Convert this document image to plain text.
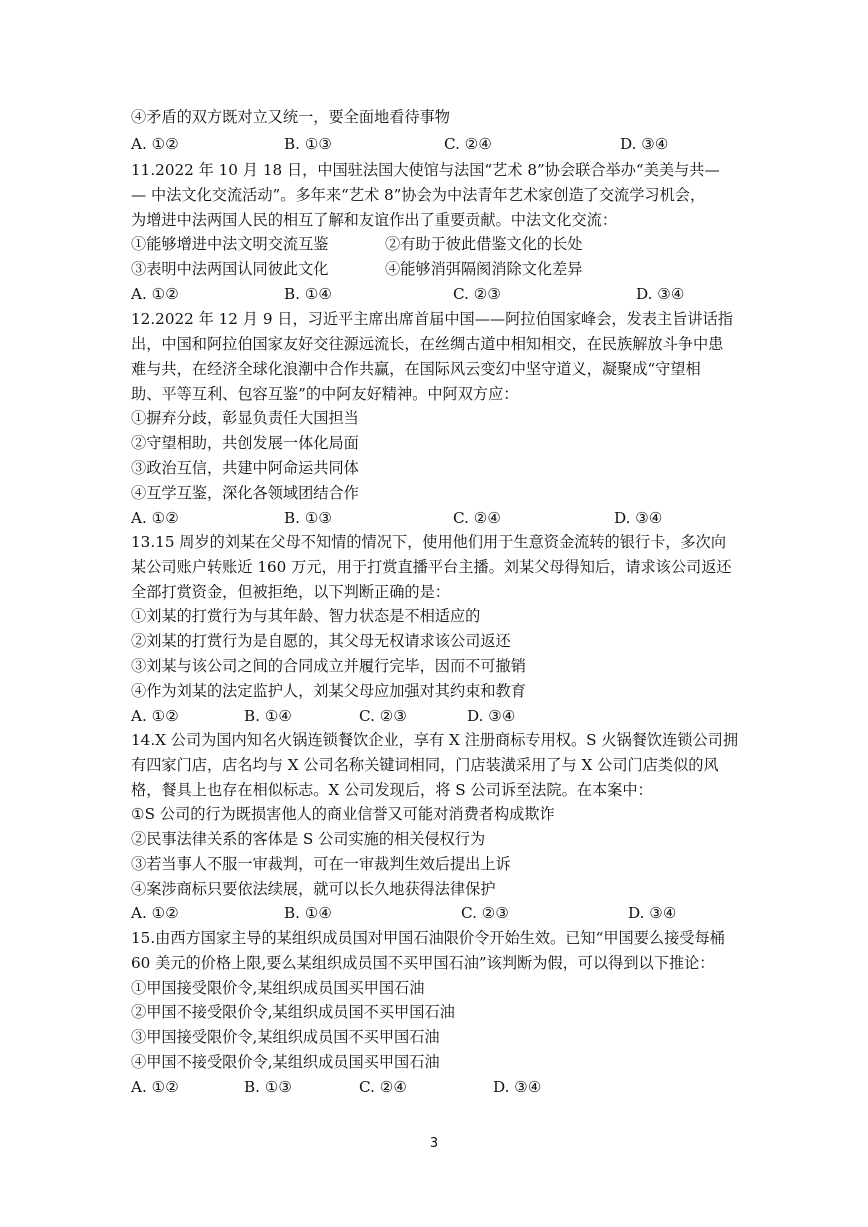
④矛盾的双方既对立又统一，要全面地看待事物
A. ①②	B. ①③	C. ②④	D. ③④
11.2022 年 10 月 18 日，中国驻法国大使馆与法国“艺术 8”协会联合举办“美美与共—
— 中法文化交流活动”。多年来“艺术 8”协会为中法青年艺术家创造了交流学习机会，
为增进中法两国人民的相互了解和友谊作出了重要贡献。中法文化交流：
①能够增进中法文明交流互鉴	②有助于彼此借鉴文化的长处
③表明中法两国认同彼此文化	④能够消弭隔阂消除文化差异
A. ①②	B. ①④	C. ②③	D. ③④
12.2022 年 12 月 9 日，习近平主席出席首届中国——阿拉伯国家峰会，发表主旨讲话指
出，中国和阿拉伯国家友好交往源远流长，在丝绸古道中相知相交，在民族解放斗争中患
难与共，在经济全球化浪潮中合作共赢，在国际风云变幻中坚守道义，凝聚成“守望相
助、平等互利、包容互鉴”的中阿友好精神。中阿双方应：
①摒弃分歧，彰显负责任大国担当
②守望相助，共创发展一体化局面
③政治互信，共建中阿命运共同体
④互学互鉴，深化各领域团结合作
A. ①②	B. ①③	C. ②④	D. ③④
13.15 周岁的刘某在父母不知情的情况下，使用他们用于生意资金流转的银行卡，多次向
某公司账户转账近 160 万元，用于打赏直播平台主播。刘某父母得知后，请求该公司返还
全部打赏资金，但被拒绝，以下判断正确的是：
①刘某的打赏行为与其年龄、智力状态是不相适应的
②刘某的打赏行为是自愿的，其父母无权请求该公司返还
③刘某与该公司之间的合同成立并履行完毕，因而不可撤销
④作为刘某的法定监护人，刘某父母应加强对其约束和教育
A. ①②	B. ①④	C. ②③	D. ③④
14.X 公司为国内知名火锅连锁餐饮企业，享有 X 注册商标专用权。S 火锅餐饮连锁公司拥
有四家门店，店名均与 X 公司名称关键词相同，门店装潢采用了与 X 公司门店类似的风
格，餐具上也存在相似标志。X 公司发现后，将 S 公司诉至法院。在本案中：
①S 公司的行为既损害他人的商业信誉又可能对消费者构成欺诈
②民事法律关系的客体是 S 公司实施的相关侵权行为
③若当事人不服一审裁判，可在一审裁判生效后提出上诉
④案涉商标只要依法续展，就可以长久地获得法律保护
A. ①②	B. ①④	C. ②③	D. ③④
15.由西方国家主导的某组织成员国对甲国石油限价令开始生效。已知“甲国要么接受每桶
60 美元的价格上限,要么某组织成员国不买甲国石油”该判断为假，可以得到以下推论：
①甲国接受限价令,某组织成员国买甲国石油
②甲国不接受限价令,某组织成员国不买甲国石油
③甲国接受限价令,某组织成员国不买甲国石油
④甲国不接受限价令,某组织成员国买甲国石油
A. ①②	B. ①③	C. ②④	D. ③④
3
